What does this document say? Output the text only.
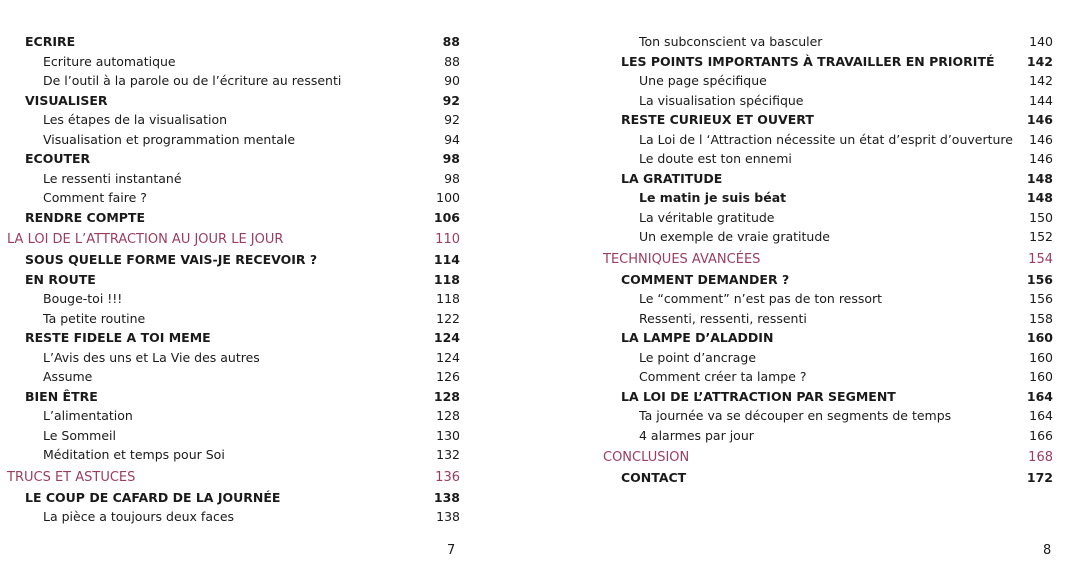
ECRIRE	88
Ecriture automatique	88
De l’outil à la parole ou de l’écriture au ressenti	90
VISUALISER	92
Les étapes de la visualisation	92
Visualisation et programmation mentale	94
ECOUTER	98
Le ressenti instantané	98
Comment faire ?	100
RENDRE COMPTE	106
LA LOI DE L’ATTRACTION AU JOUR LE JOUR	110
SOUS QUELLE FORME VAIS-JE RECEVOIR ?	114
EN ROUTE	118
Bouge-toi !!!	118
Ta petite routine	122
RESTE FIDELE A TOI MEME	124
L’Avis des uns et La Vie des autres	124
Assume	126
BIEN ÊTRE	128
L’alimentation	128
Le Sommeil	130
Méditation et temps pour Soi	132
TRUCS ET ASTUCES	136
LE COUP DE CAFARD DE LA JOURNÉE	138
La pièce a toujours deux faces	138
7
Ton subconscient va basculer	140
LES POINTS IMPORTANTS À TRAVAILLER EN PRIORITÉ	142
Une page spécifique	142
La visualisation spécifique	144
RESTE CURIEUX ET OUVERT	146
La Loi de l ‘Attraction nécessite un état d’esprit d’ouverture 146
Le doute est ton ennemi	146
LA GRATITUDE	148
Le matin je suis béat	148
La véritable gratitude	150
Un exemple de vraie gratitude	152
TECHNIQUES AVANCÉES	154
COMMENT DEMANDER ?	156
Le “comment” n’est pas de ton ressort	156
Ressenti, ressenti, ressenti	158
LA LAMPE D’ALADDIN	160
Le point d’ancrage	160
Comment créer ta lampe ?	160
LA LOI DE L’ATTRACTION PAR SEGMENT	164
Ta journée va se découper en segments de temps	164
4 alarmes par jour	166
CONCLUSION	168
CONTACT	172
8
